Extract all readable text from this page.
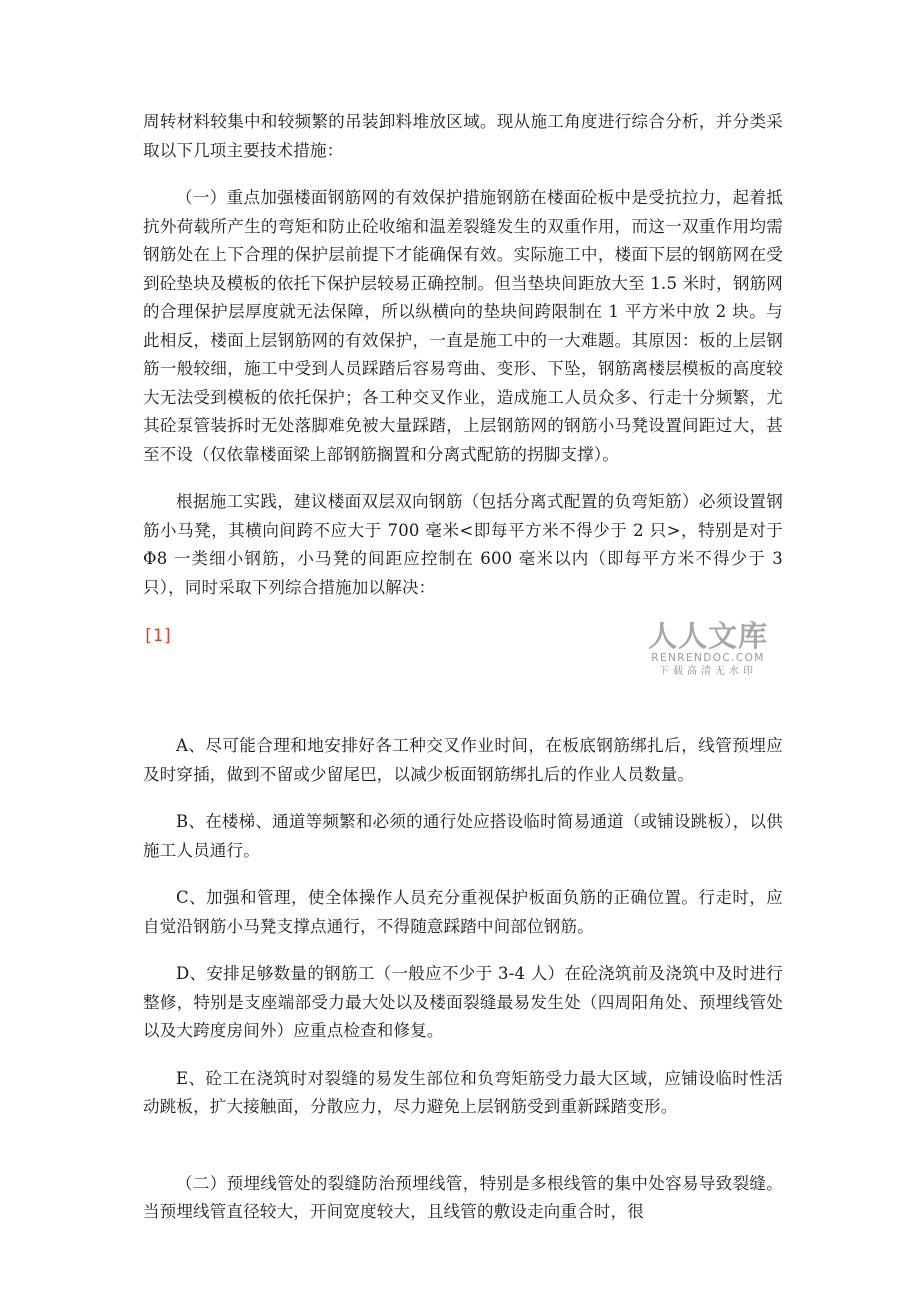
周转材料较集中和较频繁的吊装卸料堆放区域。现从施工角度进行综合分析，并分类采取以下几项主要技术措施：

（一）重点加强楼面钢筋网的有效保护措施钢筋在楼面砼板中是受抗拉力，起着抵抗外荷载所产生的弯矩和防止砼收缩和温差裂缝发生的双重作用，而这一双重作用均需钢筋处在上下合理的保护层前提下才能确保有效。实际施工中，楼面下层的钢筋网在受到砼垫块及模板的依托下保护层较易正确控制。但当垫块间距放大至 1.5 米时，钢筋网的合理保护层厚度就无法保障，所以纵横向的垫块间跨限制在 1 平方米中放 2 块。与此相反，楼面上层钢筋网的有效保护，一直是施工中的一大难题。其原因：板的上层钢筋一般较细，施工中受到人员踩踏后容易弯曲、变形、下坠，钢筋离楼层模板的高度较大无法受到模板的依托保护；各工种交叉作业，造成施工人员众多、行走十分频繁，尤其砼泵管装拆时无处落脚难免被大量踩踏，上层钢筋网的钢筋小马凳设置间距过大，甚至不设（仅依靠楼面梁上部钢筋搁置和分离式配筋的拐脚支撑）。

根据施工实践，建议楼面双层双向钢筋（包括分离式配置的负弯矩筋）必须设置钢筋小马凳，其横向间跨不应大于 700 毫米<即每平方米不得少于 2 只>，特别是对于 Φ8 一类细小钢筋，小马凳的间距应控制在 600 毫米以内（即每平方米不得少于 3 只），同时采取下列综合措施加以解决：

[1]

A、尽可能合理和地安排好各工种交叉作业时间，在板底钢筋绑扎后，线管预埋应及时穿插，做到不留或少留尾巴，以减少板面钢筋绑扎后的作业人员数量。

B、在楼梯、通道等频繁和必须的通行处应搭设临时简易通道（或铺设跳板），以供施工人员通行。

C、加强和管理，使全体操作人员充分重视保护板面负筋的正确位置。行走时，应自觉沿钢筋小马凳支撑点通行，不得随意踩踏中间部位钢筋。

D、安排足够数量的钢筋工（一般应不少于 3-4 人）在砼浇筑前及浇筑中及时进行整修，特别是支座端部受力最大处以及楼面裂缝最易发生处（四周阳角处、预埋线管处以及大跨度房间外）应重点检查和修复。

E、砼工在浇筑时对裂缝的易发生部位和负弯矩筋受力最大区域，应铺设临时性活动跳板，扩大接触面，分散应力，尽力避免上层钢筋受到重新踩踏变形。

（二）预埋线管处的裂缝防治预埋线管，特别是多根线管的集中处容易导致裂缝。当预埋线管直径较大，开间宽度较大，且线管的敷设走向重合时，很

人人文库
RENRENDOC.COM
下载高清无水印
